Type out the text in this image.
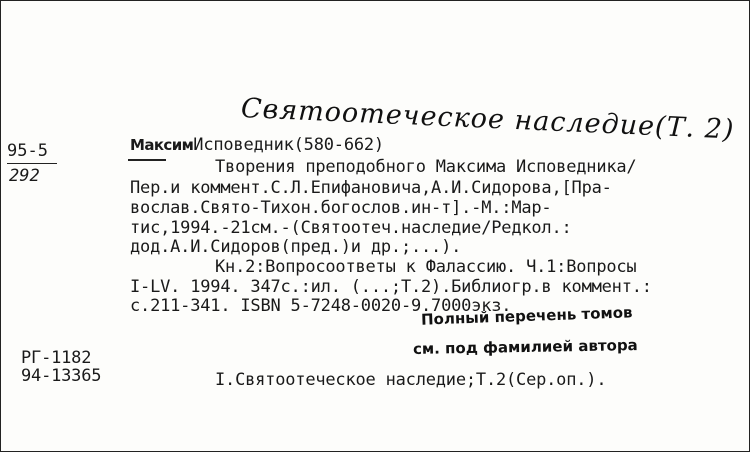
Святоотеческое наследие(Т. 2)
95-5
292
МаксимИсповедник(580-662)
Творения преподобного Максима Исповедника/
Пер.и коммент.С.Л.Епифановича,А.И.Сидорова,[Пра-
вослав.Свято-Тихон.богослов.ин-т].-М.:Мар-
тис,1994.-21см.-(Святоотеч.наследие/Редкол.:
дод.А.И.Сидоров(пред.)и др.;...).
Кн.2:Вопросоответы к Фалассию. Ч.1:Вопросы
I-LV. 1994. 347с.:ил. (...;Т.2).Библиогр.в коммент.:
с.211-341. ISBN 5-7248-0020-9.7000экз.
Полный перечень томов
см. под фамилией автора
РГ-1182
94-13365	I.Святоотеческое наследие;Т.2(Сер.оп.).
